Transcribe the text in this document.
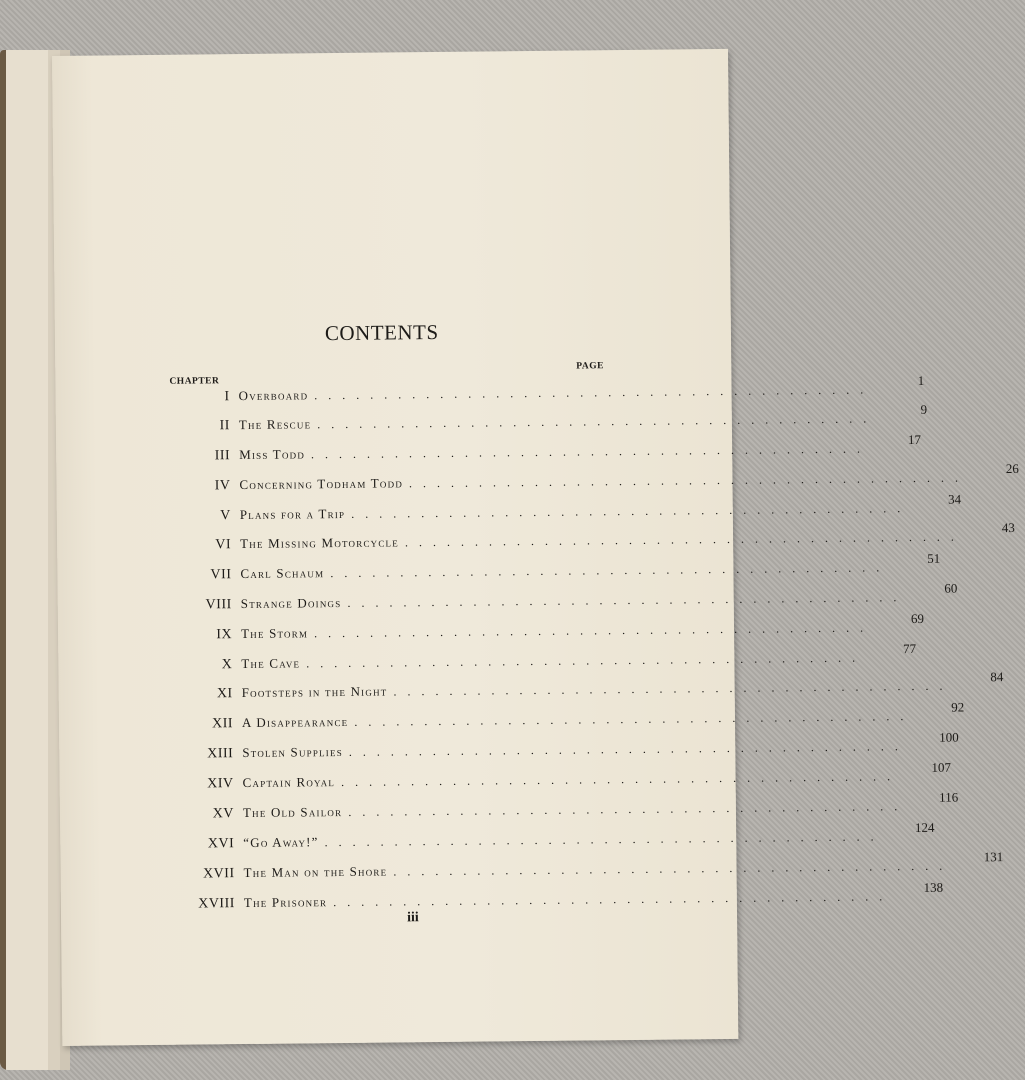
CONTENTS
CHAPTER
PAGE
I Overboard ........................................
1
II The Rescue ........................................
9
III Miss Todd ........................................
17
IV Concerning Todham Todd ........................................
26
V Plans for a Trip ........................................
34
VI The Missing Motorcycle ........................................
43
VII Carl Schaum ........................................
51
VIII Strange Doings ........................................
60
IX The Storm ........................................
69
X The Cave ........................................
77
XI Footsteps in the Night ........................................
84
XII A Disappearance ........................................
92
XIII Stolen Supplies ........................................
100
XIV Captain Royal ........................................
107
XV The Old Sailor ........................................
116
XVI “Go Away!” ........................................
124
XVII The Man on the Shore ........................................
131
XVIII The Prisoner ........................................
138
iii
